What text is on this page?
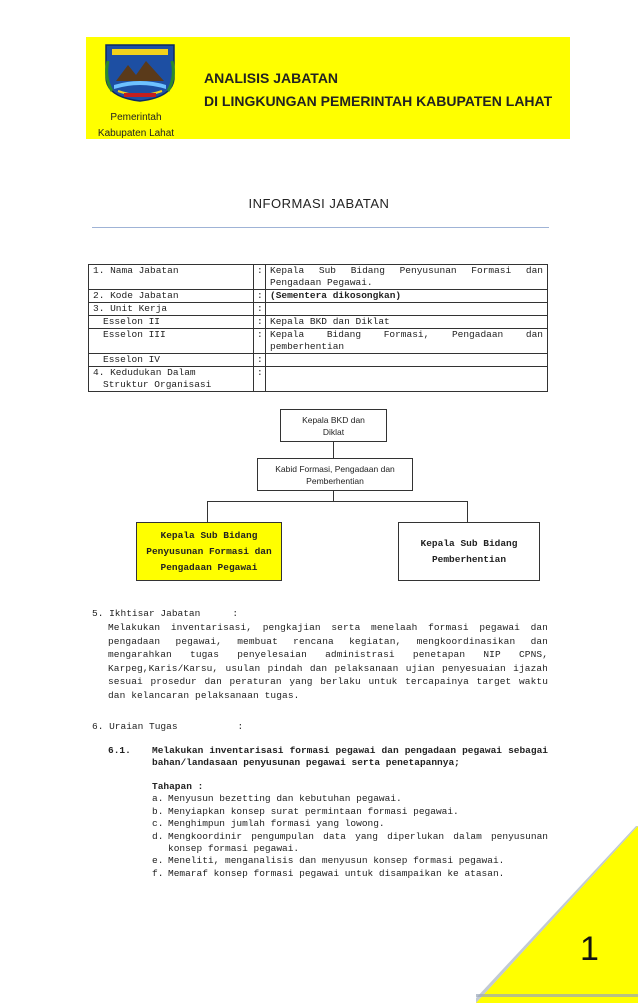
Pemerintah
Kabupaten Lahat
ANALISIS JABATAN
DI LINGKUNGAN PEMERINTAH KABUPATEN LAHAT
INFORMASI JABATAN
1. Nama Jabatan	:	Kepala Sub Bidang Penyusunan Formasi dan Pengadaan Pegawai.
2. Kode Jabatan	:	(Sementera dikosongkan)
3. Unit Kerja	:	
Esselon II	:	Kepala BKD dan Diklat
Esselon III	:	Kepala Bidang Formasi, Pengadaan dan pemberhentian
Esselon IV	:	

4. Kedudukan Dalam
Struktur Organisasi	:	
Kepala BKD dan
Diklat
Kabid Formasi, Pengadaan dan
Pemberhentian
Kepala Sub Bidang
Penyusunan Formasi dan
Pengadaan Pegawai
Kepala Sub Bidang
Pemberhentian
5. Ikhtisar Jabatan	:
Melakukan inventarisasi, pengkajian serta menelaah formasi pegawai dan pengadaan pegawai, membuat rencana kegiatan, mengkoordinasikan dan mengarahkan tugas penyelesaian administrasi penetapan NIP CPNS, Karpeg,Karis/Karsu, usulan pindah dan pelaksanaan ujian penyesuaian ijazah sesuai prosedur dan peraturan yang berlaku untuk tercapainya target waktu dan kelancaran pelaksanaan tugas.
6. Uraian Tugas	:
6.1. Melakukan inventarisasi formasi pegawai dan pengadaan pegawai sebagai bahan/landasaan penyusunan pegawai serta penetapannya;
Tahapan :
a. Menyusun bezetting dan kebutuhan pegawai.
b. Menyiapkan konsep surat permintaan formasi pegawai.
c. Menghimpun jumlah formasi yang lowong.
d. Mengkoordinir pengumpulan data yang diperlukan dalam penyusunan konsep formasi pegawai.
e. Meneliti, menganalisis dan menyusun konsep formasi pegawai.
f. Memaraf konsep formasi pegawai untuk disampaikan ke atasan.
1
